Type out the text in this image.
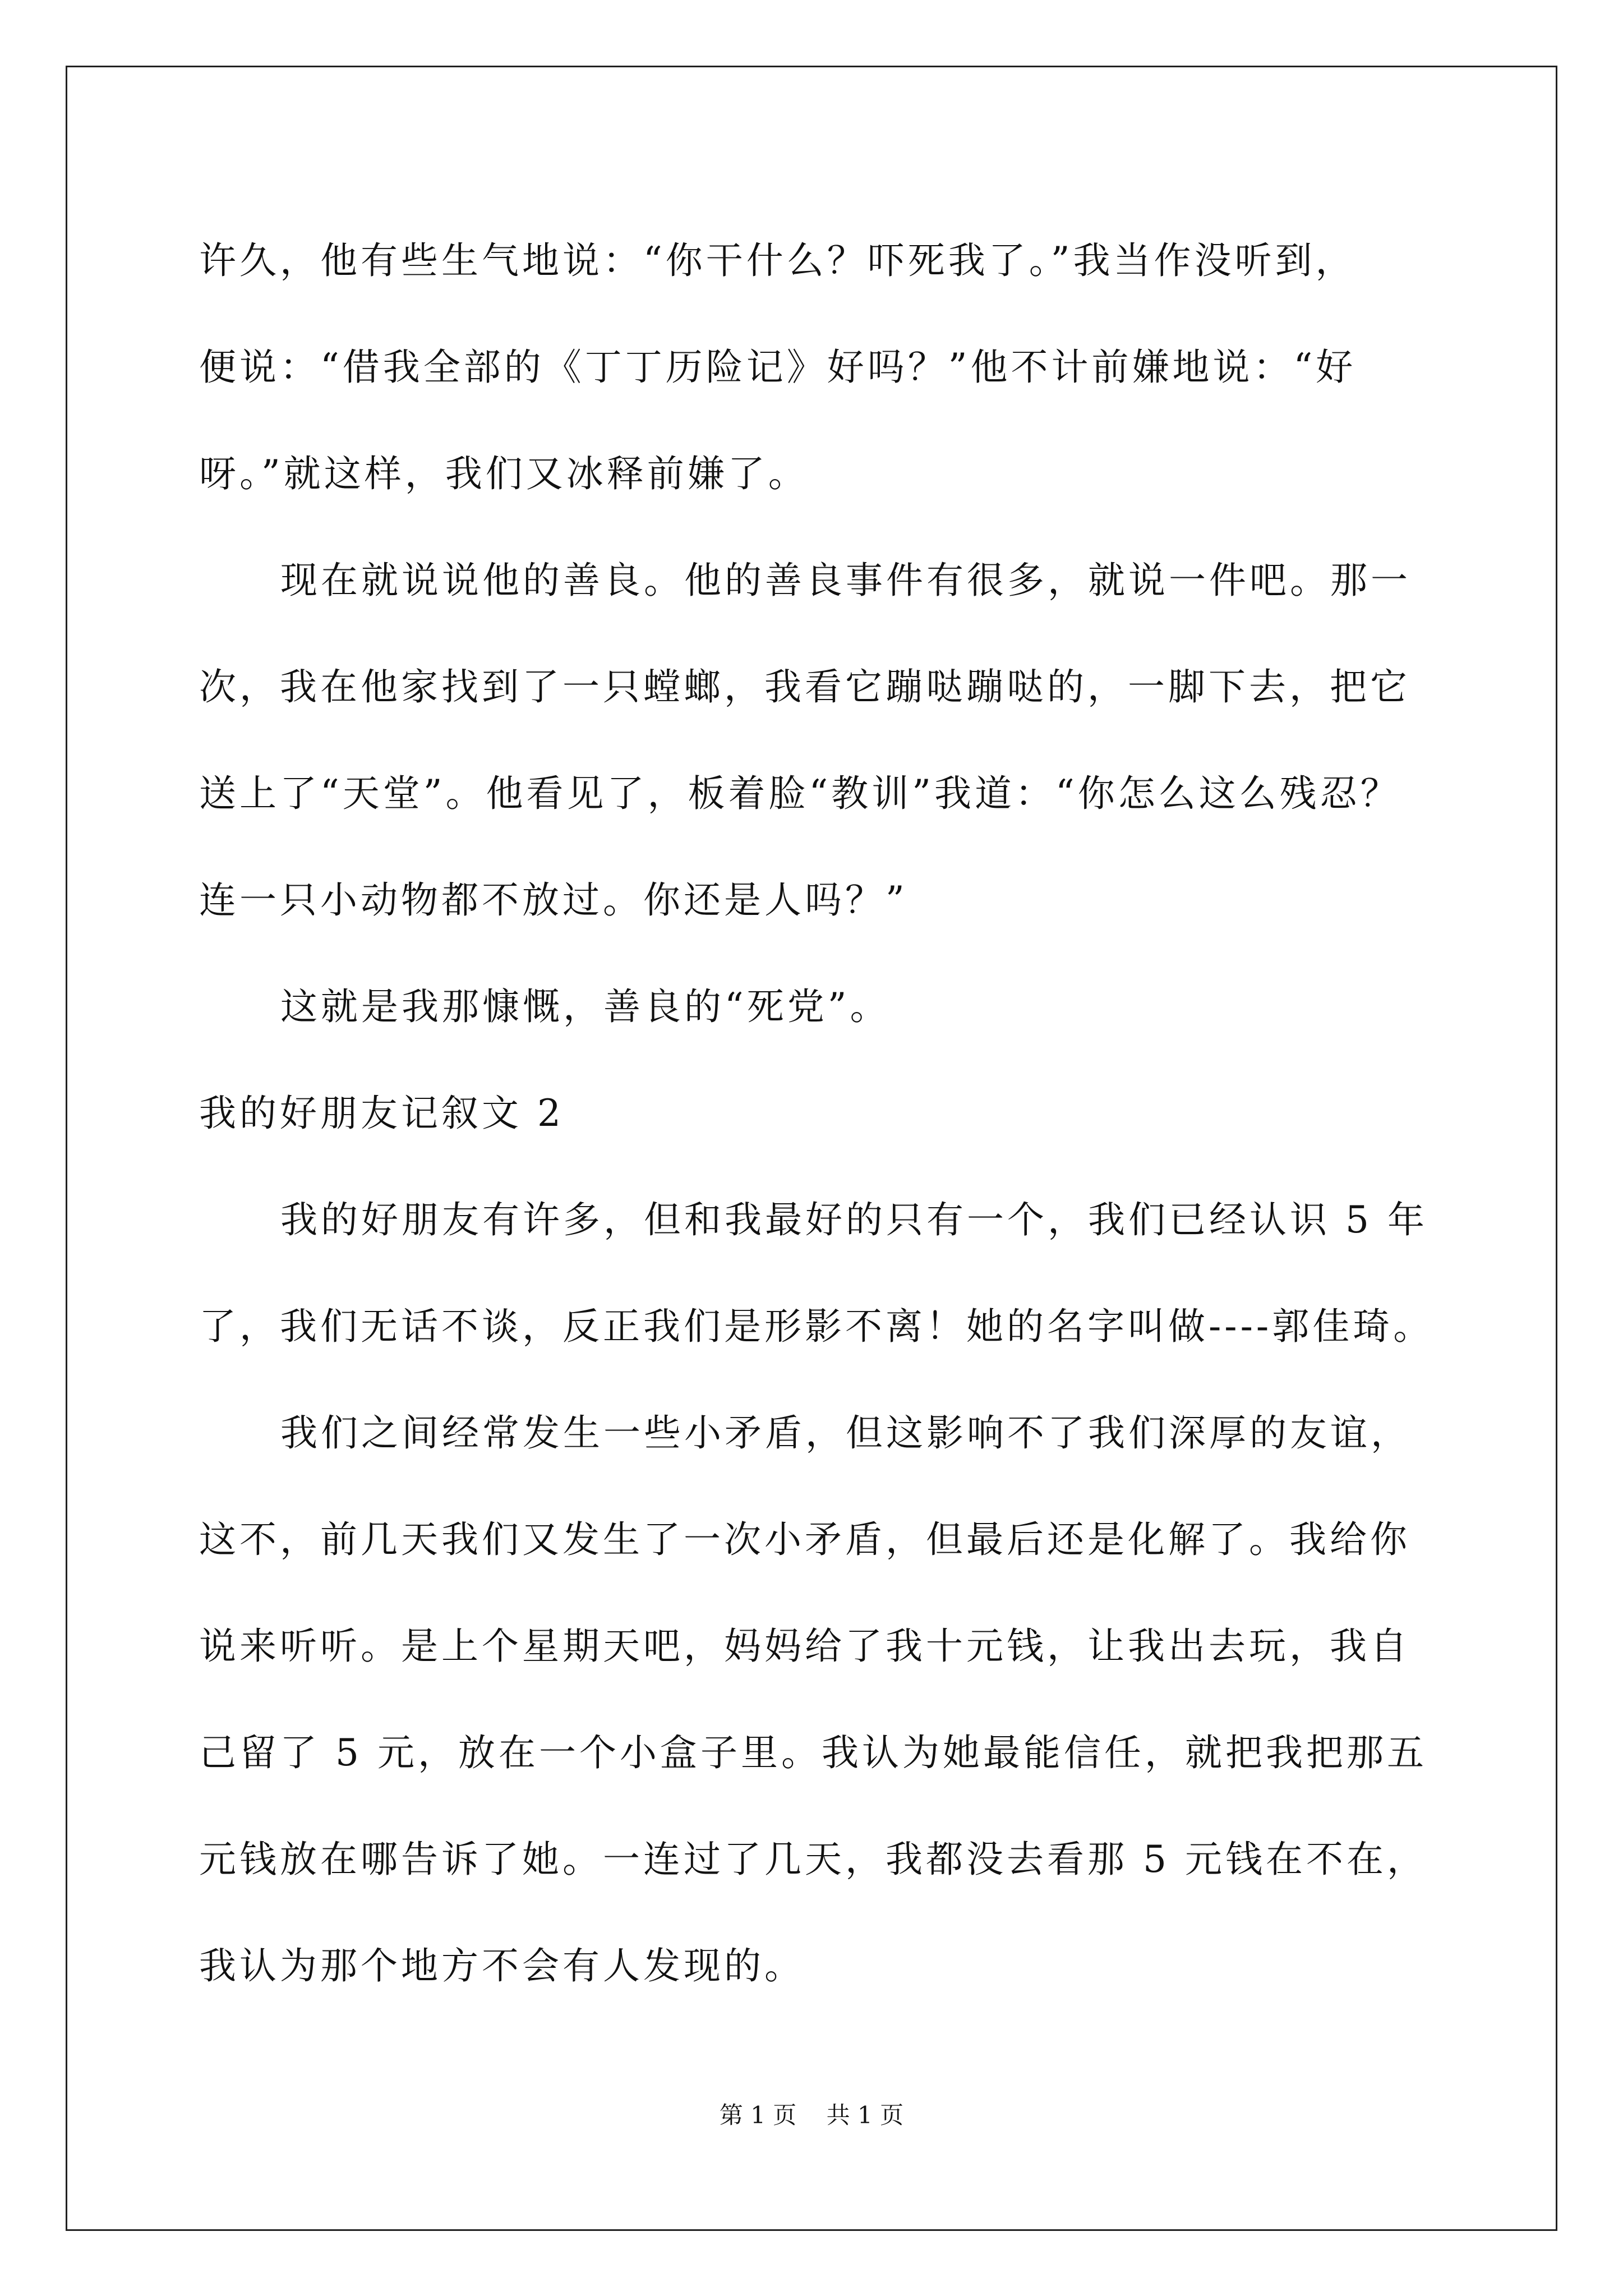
许久，他有些生气地说：“你干什么？吓死我了。”我当作没听到，
便说：“借我全部的《丁丁历险记》好吗？”他不计前嫌地说：“好
呀。”就这样，我们又冰释前嫌了。
现在就说说他的善良。他的善良事件有很多，就说一件吧。那一
次，我在他家找到了一只螳螂，我看它蹦哒蹦哒的，一脚下去，把它
送上了“天堂”。他看见了，板着脸“教训”我道：“你怎么这么残忍？
连一只小动物都不放过。你还是人吗？”
这就是我那慷慨，善良的“死党”。
我的好朋友记叙文 2
我的好朋友有许多，但和我最好的只有一个，我们已经认识 5 年
了，我们无话不谈，反正我们是形影不离！她的名字叫做----郭佳琦。
我们之间经常发生一些小矛盾，但这影响不了我们深厚的友谊，
这不，前几天我们又发生了一次小矛盾，但最后还是化解了。我给你
说来听听。是上个星期天吧，妈妈给了我十元钱，让我出去玩，我自
己留了 5 元，放在一个小盒子里。我认为她最能信任，就把我把那五
元钱放在哪告诉了她。一连过了几天，我都没去看那 5 元钱在不在，
我认为那个地方不会有人发现的。
第 1 页 共 1 页
